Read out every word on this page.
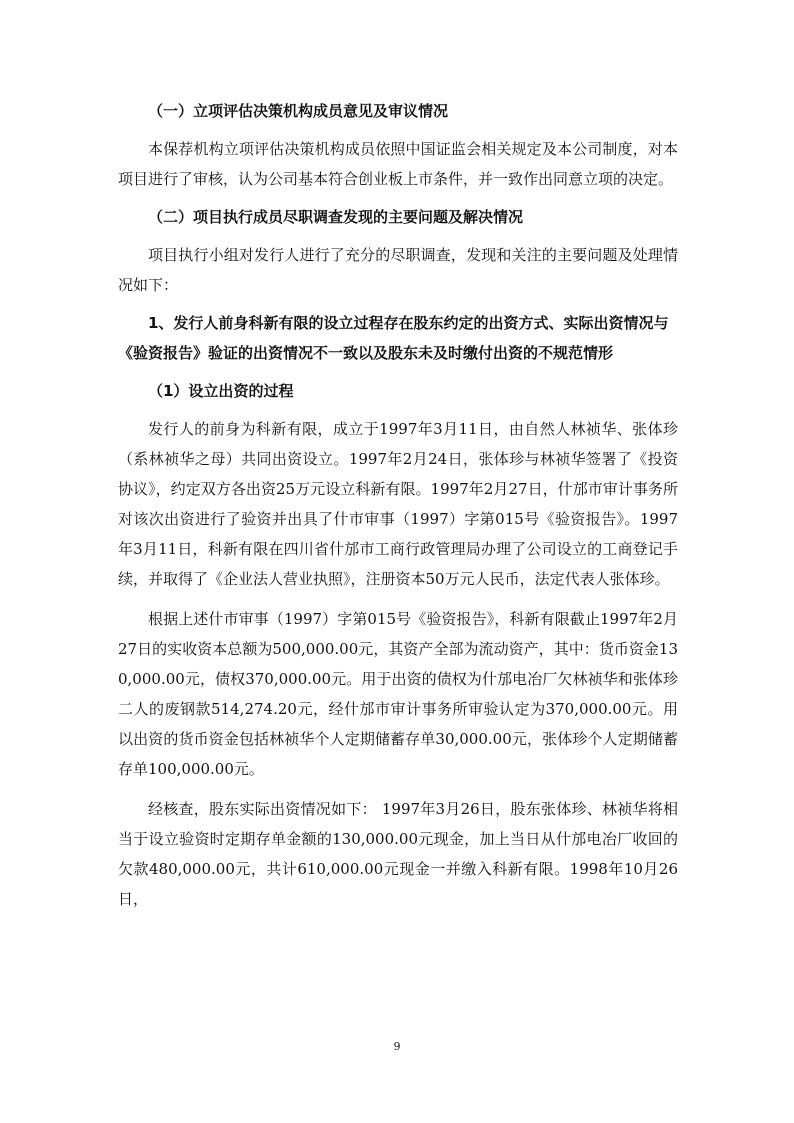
（一）立项评估决策机构成员意见及审议情况

本保荐机构立项评估决策机构成员依照中国证监会相关规定及本公司制度，对本项目进行了审核，认为公司基本符合创业板上市条件，并一致作出同意立项的决定。

（二）项目执行成员尽职调查发现的主要问题及解决情况

项目执行小组对发行人进行了充分的尽职调查，发现和关注的主要问题及处理情况如下：

1、发行人前身科新有限的设立过程存在股东约定的出资方式、实际出资情况与《验资报告》验证的出资情况不一致以及股东未及时缴付出资的不规范情形
（1）设立出资的过程

发行人的前身为科新有限，成立于1997年3月11日，由自然人林祯华、张体珍（系林祯华之母）共同出资设立。1997年2月24日，张体珍与林祯华签署了《投资协议》，约定双方各出资25万元设立科新有限。1997年2月27日，什邡市审计事务所对该次出资进行了验资并出具了什市审事（1997）字第015号《验资报告》。1997年3月11日，科新有限在四川省什邡市工商行政管理局办理了公司设立的工商登记手续，并取得了《企业法人营业执照》，注册资本50万元人民币，法定代表人张体珍。

根据上述什市审事（1997）字第015号《验资报告》，科新有限截止1997年2月27日的实收资本总额为500,000.00元，其资产全部为流动资产，其中：货币资金130,000.00元，债权370,000.00元。用于出资的债权为什邡电冶厂欠林祯华和张体珍二人的废钢款514,274.20元，经什邡市审计事务所审验认定为370,000.00元。用以出资的货币资金包括林祯华个人定期储蓄存单30,000.00元，张体珍个人定期储蓄存单100,000.00元。

经核查，股东实际出资情况如下： 1997年3月26日，股东张体珍、林祯华将相当于设立验资时定期存单金额的130,000.00元现金，加上当日从什邡电冶厂收回的欠款480,000.00元，共计610,000.00元现金一并缴入科新有限。1998年10月26日，

9
